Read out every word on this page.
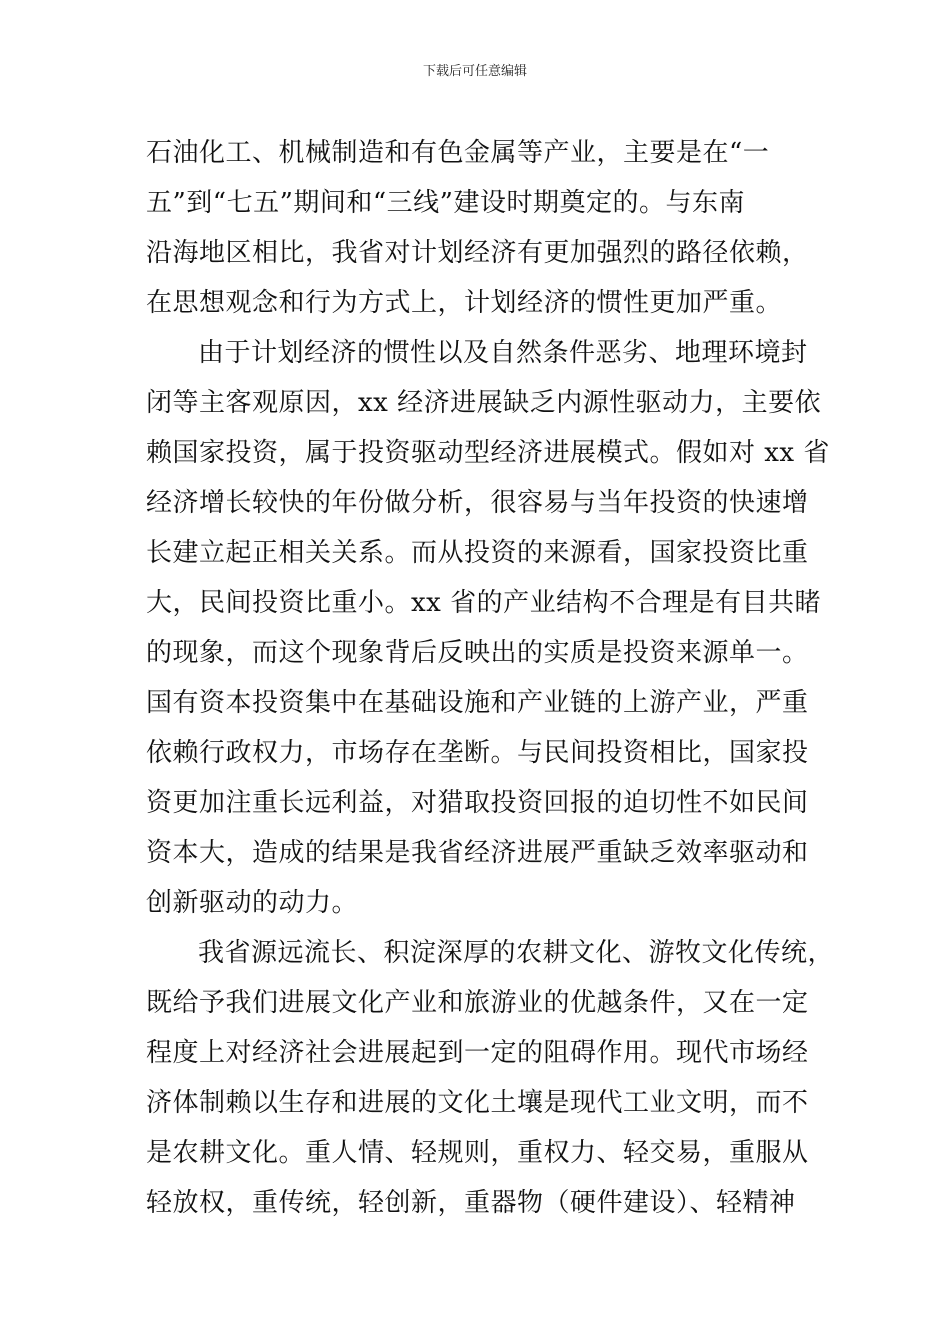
下载后可任意编辑
石油化工、机械制造和有色金属等产业，主要是在“一
五”到“七五”期间和“三线”建设时期奠定的。与东南
沿海地区相比，我省对计划经济有更加强烈的路径依赖，
在思想观念和行为方式上，计划经济的惯性更加严重。
由于计划经济的惯性以及自然条件恶劣、地理环境封
闭等主客观原因，xx 经济进展缺乏内源性驱动力，主要依
赖国家投资，属于投资驱动型经济进展模式。假如对 xx 省
经济增长较快的年份做分析，很容易与当年投资的快速增
长建立起正相关关系。而从投资的来源看，国家投资比重
大，民间投资比重小。xx 省的产业结构不合理是有目共睹
的现象，而这个现象背后反映出的实质是投资来源单一。
国有资本投资集中在基础设施和产业链的上游产业，严重
依赖行政权力，市场存在垄断。与民间投资相比，国家投
资更加注重长远利益，对猎取投资回报的迫切性不如民间
资本大，造成的结果是我省经济进展严重缺乏效率驱动和
创新驱动的动力。
我省源远流长、积淀深厚的农耕文化、游牧文化传统，
既给予我们进展文化产业和旅游业的优越条件，又在一定
程度上对经济社会进展起到一定的阻碍作用。现代市场经
济体制赖以生存和进展的文化土壤是现代工业文明，而不
是农耕文化。重人情、轻规则，重权力、轻交易，重服从
轻放权，重传统，轻创新，重器物（硬件建设）、轻精神
